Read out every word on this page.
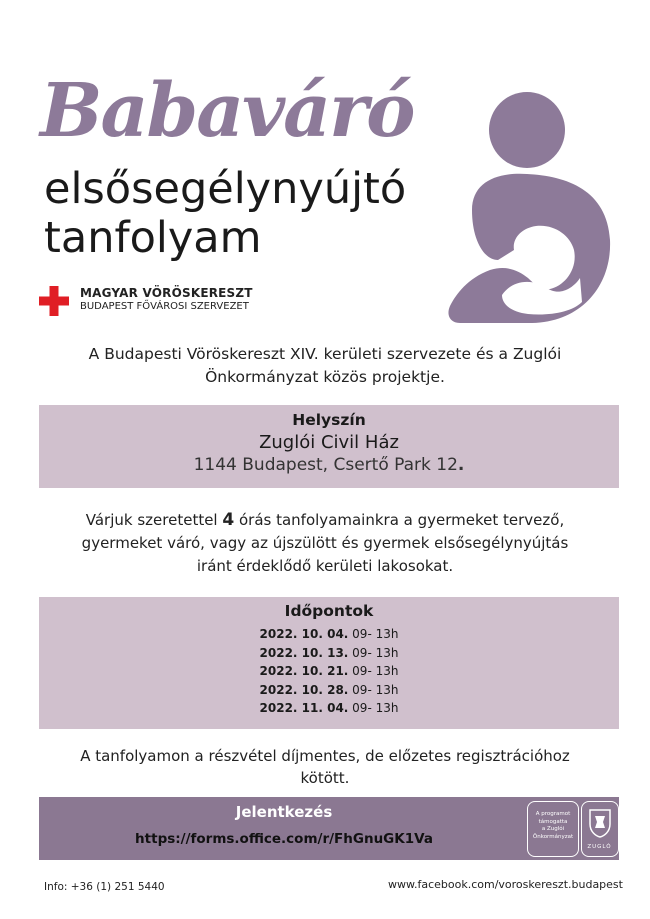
Babaváró
elsősegélynyújtó
tanfolyam
MAGYAR VÖRÖSKERESZT
BUDAPEST FŐVÁROSI SZERVEZET
A Budapesti Vöröskereszt XIV. kerületi szervezete és a Zuglói
Önkormányzat közös projektje.
Helyszín
Zuglói Civil Ház
1144 Budapest, Csertő Park 12.
Várjuk szeretettel 4 órás tanfolyamainkra a gyermeket tervező,
gyermeket váró, vagy az újszülött és gyermek elsősegélynyújtás
iránt érdeklődő kerületi lakosokat.
Időpontok
2022. 10. 04. 09- 13h
2022. 10. 13. 09- 13h
2022. 10. 21. 09- 13h
2022. 10. 28. 09- 13h
2022. 11. 04. 09- 13h
A tanfolyamon a részvétel díjmentes, de előzetes regisztrációhoz
kötött.
Jelentkezés
https://forms.office.com/r/FhGnuGK1Va
A programot
támogatta
a Zuglói
Önkormányzat
ZUGLÓ
Info: +36 (1) 251 5440	www.facebook.com/voroskereszt.budapest
